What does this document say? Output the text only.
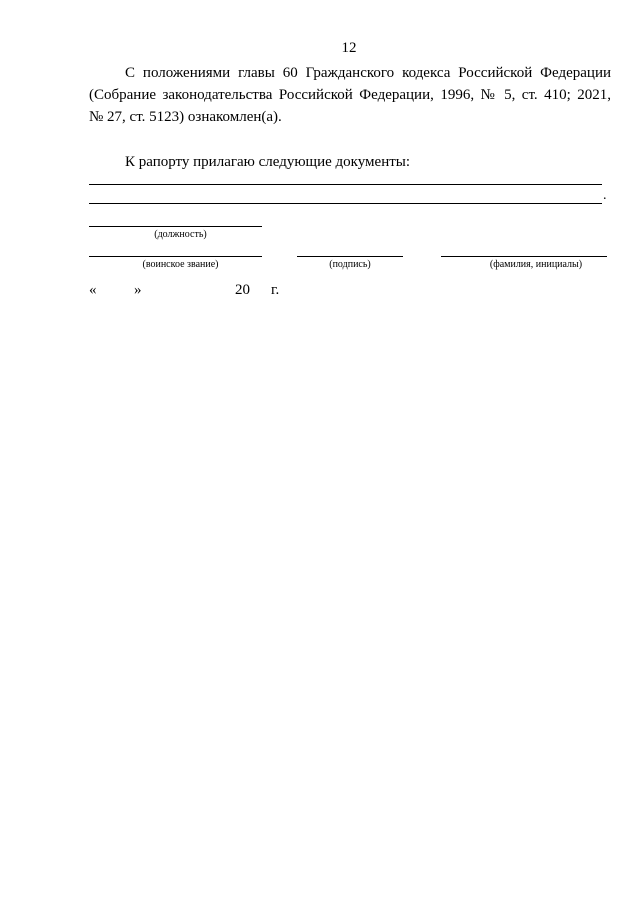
12
С положениями главы 60 Гражданского кодекса Российской Федерации
(Собрание законодательства Российской Федерации, 1996, № 5, ст. 410; 2021,
№ 27, ст. 5123) ознакомлен(а).
К рапорту прилагаю следующие документы:
.
(должность)
(воинское звание)	(подпись)	(фамилия, инициалы)
«	»	20 г.
